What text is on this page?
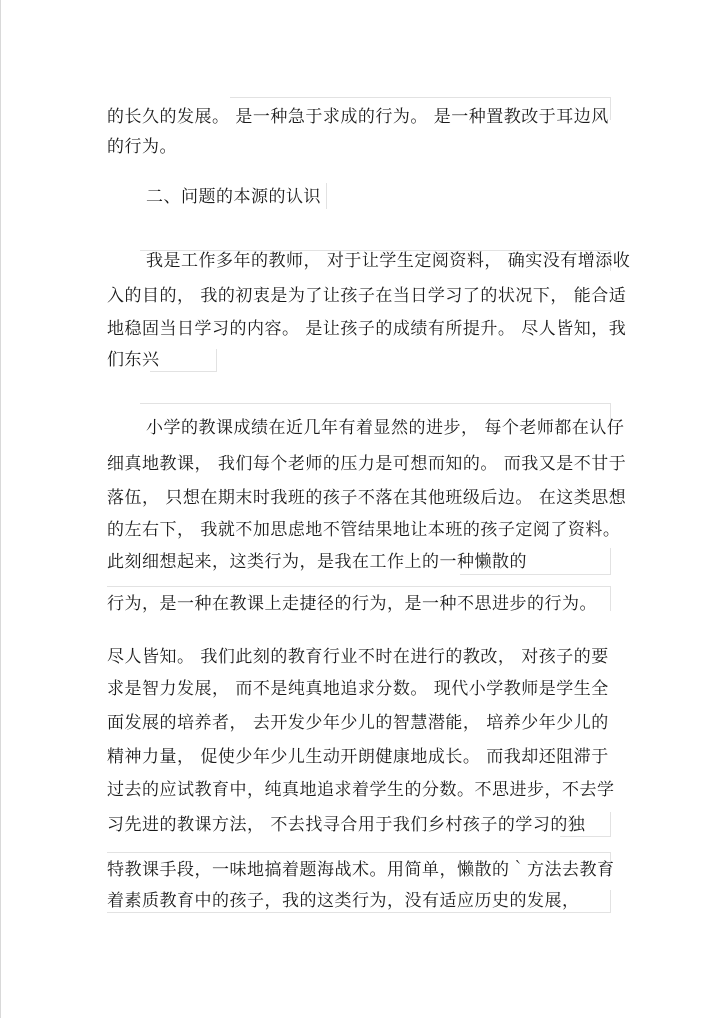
的长久的发展。 是一种急于求成的行为。 是一种置教改于耳边风
的行为。
二、问题的本源的认识
我是工作多年的教师， 对于让学生定阅资料， 确实没有增添收
入的目的， 我的初衷是为了让孩子在当日学习了的状况下， 能合适
地稳固当日学习的内容。 是让孩子的成绩有所提升。 尽人皆知，我
们东兴
小学的教课成绩在近几年有着显然的进步， 每个老师都在认仔
细真地教课， 我们每个老师的压力是可想而知的。 而我又是不甘于
落伍， 只想在期末时我班的孩子不落在其他班级后边。 在这类思想
的左右下， 我就不加思虑地不管结果地让本班的孩子定阅了资料。
此刻细想起来，这类行为，是我在工作上的一种懒散的
行为，是一种在教课上走捷径的行为，是一种不思进步的行为。
尽人皆知。 我们此刻的教育行业不时在进行的教改， 对孩子的要
求是智力发展， 而不是纯真地追求分数。 现代小学教师是学生全
面发展的培养者， 去开发少年少儿的智慧潜能， 培养少年少儿的
精神力量， 促使少年少儿生动开朗健康地成长。 而我却还阻滞于
过去的应试教育中，纯真地追求着学生的分数。不思进步，不去学
习先进的教课方法， 不去找寻合用于我们乡村孩子的学习的独
特教课手段，一味地搞着题海战术。用简单，懒散的｀方法去教育
着素质教育中的孩子，我的这类行为，没有适应历史的发展，
